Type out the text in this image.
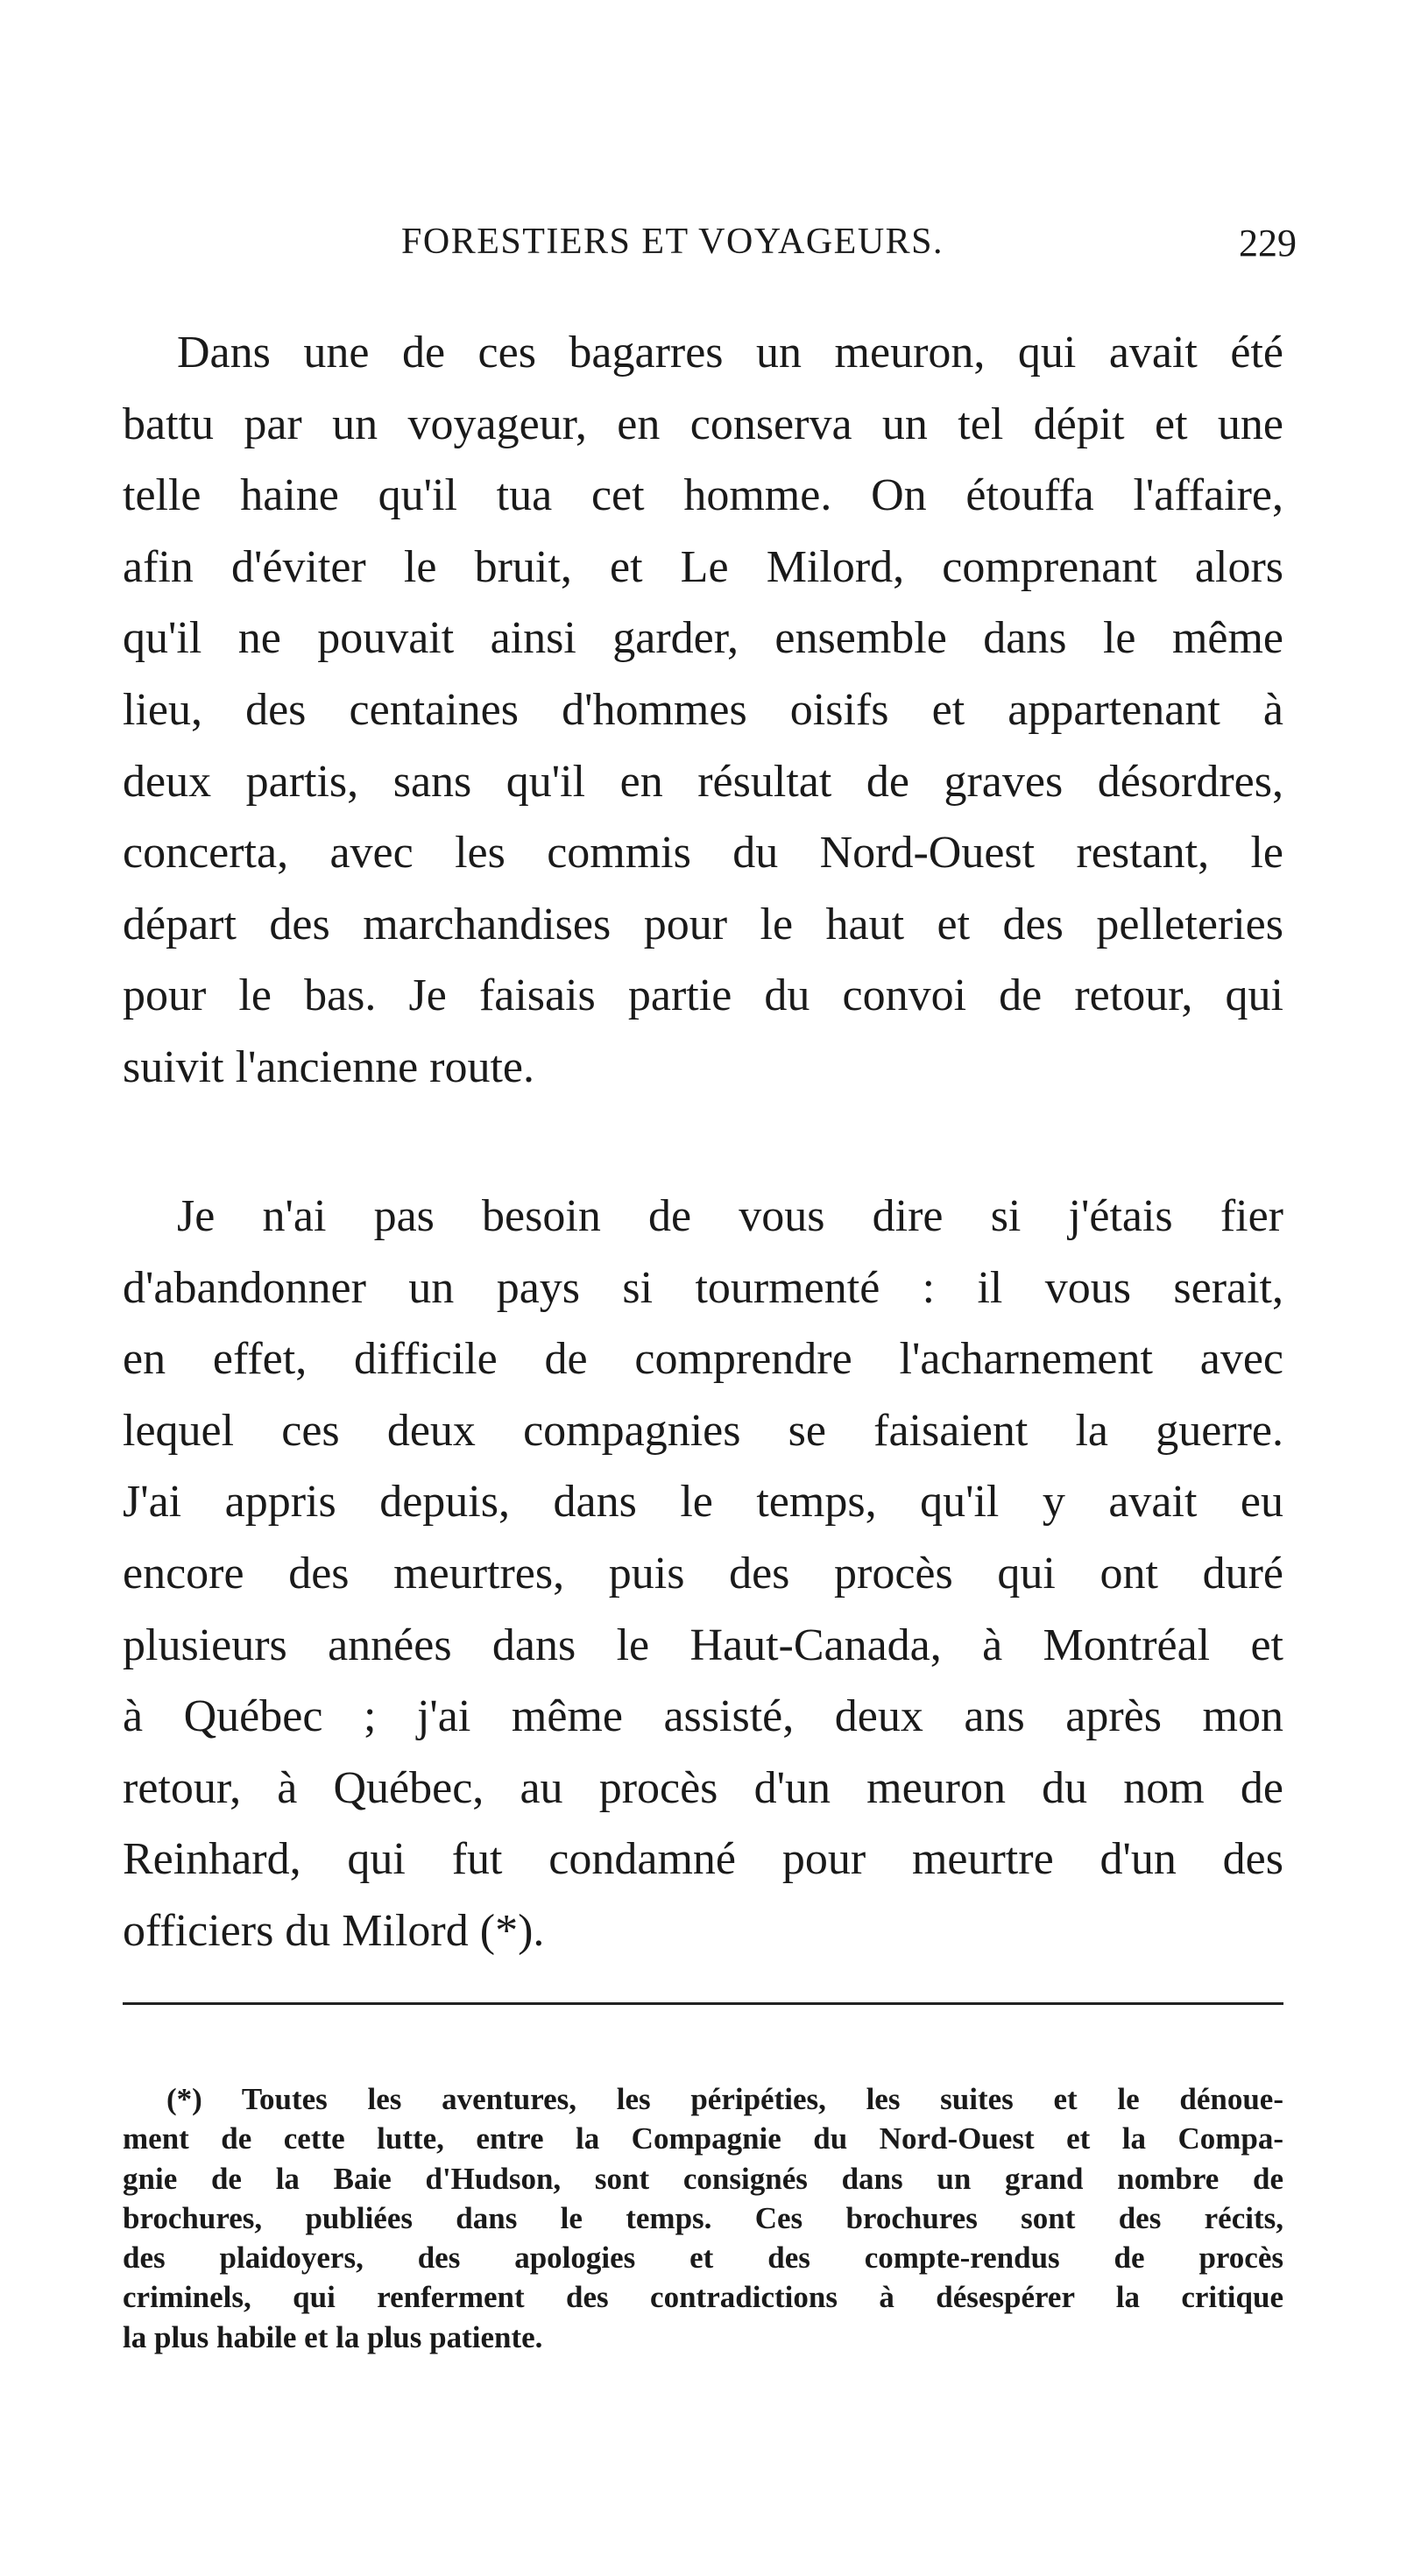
FORESTIERS ET VOYAGEURS.	229
Dans une de ces bagarres un meuron, qui avait été
battu par un voyageur, en conserva un tel dépit et une
telle haine qu'il tua cet homme. On étouffa l'affaire,
afin d'éviter le bruit, et Le Milord, comprenant alors
qu'il ne pouvait ainsi garder, ensemble dans le même
lieu, des centaines d'hommes oisifs et appartenant à
deux partis, sans qu'il en résultat de graves désordres,
concerta, avec les commis du Nord-Ouest restant, le
départ des marchandises pour le haut et des pelleteries
pour le bas. Je faisais partie du convoi de retour, qui
suivit l'ancienne route.
Je n'ai pas besoin de vous dire si j'étais fier
d'abandonner un pays si tourmenté : il vous serait,
en effet, difficile de comprendre l'acharnement avec
lequel ces deux compagnies se faisaient la guerre.
J'ai appris depuis, dans le temps, qu'il y avait eu
encore des meurtres, puis des procès qui ont duré
plusieurs années dans le Haut-Canada, à Montréal et
à Québec ; j'ai même assisté, deux ans après mon
retour, à Québec, au procès d'un meuron du nom de
Reinhard, qui fut condamné pour meurtre d'un des
officiers du Milord (*).
(*) Toutes les aventures, les péripéties, les suites et le dénoue-
ment de cette lutte, entre la Compagnie du Nord-Ouest et la Compa-
gnie de la Baie d'Hudson, sont consignés dans un grand nombre de
brochures, publiées dans le temps. Ces brochures sont des récits,
des plaidoyers, des apologies et des compte-rendus de procès
criminels, qui renferment des contradictions à désespérer la critique
la plus habile et la plus patiente.
